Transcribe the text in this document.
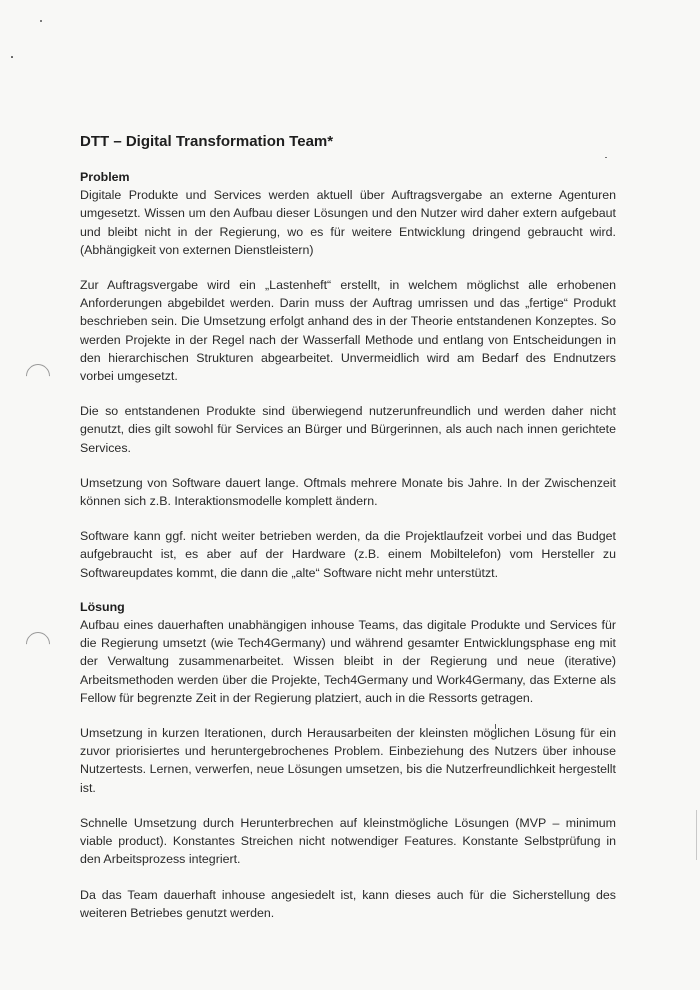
DTT – Digital Transformation Team*
Problem

Digitale Produkte und Services werden aktuell über Auftragsvergabe an externe Agenturen umgesetzt. Wissen um den Aufbau dieser Lösungen und den Nutzer wird daher extern aufgebaut und bleibt nicht in der Regierung, wo es für weitere Entwicklung dringend gebraucht wird. (Abhängigkeit von externen Dienstleistern)

Zur Auftragsvergabe wird ein „Lastenheft“ erstellt, in welchem möglichst alle erhobenen Anforderungen abgebildet werden. Darin muss der Auftrag umrissen und das „fertige“ Produkt beschrieben sein. Die Umsetzung erfolgt anhand des in der Theorie entstandenen Konzeptes. So werden Projekte in der Regel nach der Wasserfall Methode und entlang von Entscheidungen in den hierarchischen Strukturen abgearbeitet. Unvermeidlich wird am Bedarf des Endnutzers vorbei umgesetzt.

Die so entstandenen Produkte sind überwiegend nutzerunfreundlich und werden daher nicht genutzt, dies gilt sowohl für Services an Bürger und Bürgerinnen, als auch nach innen gerichtete Services.

Umsetzung von Software dauert lange. Oftmals mehrere Monate bis Jahre. In der Zwischenzeit können sich z.B. Interaktionsmodelle komplett ändern.

Software kann ggf. nicht weiter betrieben werden, da die Projektlaufzeit vorbei und das Budget aufgebraucht ist, es aber auf der Hardware (z.B. einem Mobiltelefon) vom Hersteller zu Softwareupdates kommt, die dann die „alte“ Software nicht mehr unterstützt.

Lösung

Aufbau eines dauerhaften unabhängigen inhouse Teams, das digitale Produkte und Services für die Regierung umsetzt (wie Tech4Germany) und während gesamter Entwicklungsphase eng mit der Verwaltung zusammenarbeitet. Wissen bleibt in der Regierung und neue (iterative) Arbeitsmethoden werden über die Projekte, Tech4Germany und Work4Germany, das Externe als Fellow für begrenzte Zeit in der Regierung platziert, auch in die Ressorts getragen.

Umsetzung in kurzen Iterationen, durch Herausarbeiten der kleinsten möglichen Lösung für ein zuvor priorisiertes und heruntergebrochenes Problem. Einbeziehung des Nutzers über inhouse Nutzertests. Lernen, verwerfen, neue Lösungen umsetzen, bis die Nutzerfreundlichkeit hergestellt ist.

Schnelle Umsetzung durch Herunterbrechen auf kleinstmögliche Lösungen (MVP – minimum viable product). Konstantes Streichen nicht notwendiger Features. Konstante Selbstprüfung in den Arbeitsprozess integriert.

Da das Team dauerhaft inhouse angesiedelt ist, kann dieses auch für die Sicherstellung des weiteren Betriebes genutzt werden.
